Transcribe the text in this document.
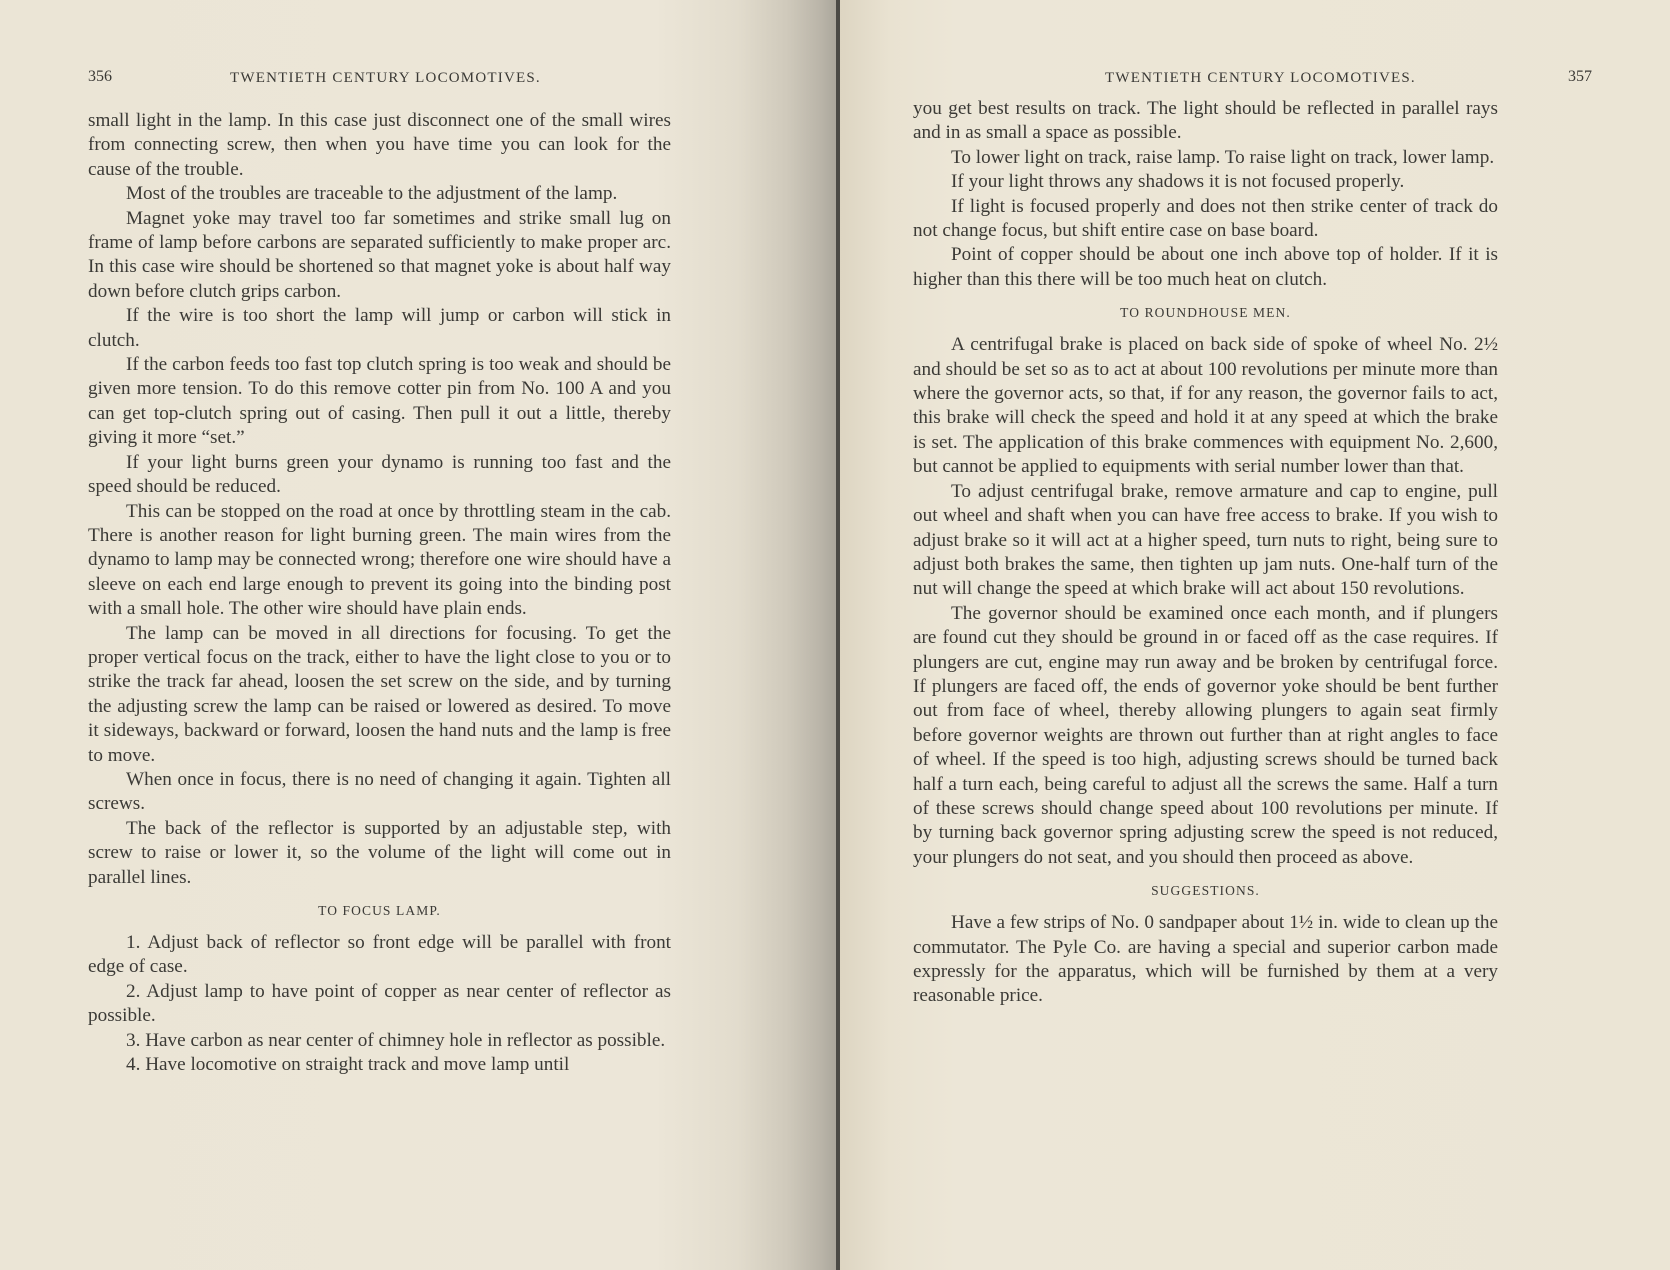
356	TWENTIETH CENTURY LOCOMOTIVES.

small light in the lamp. In this case just disconnect one of the small wires from connecting screw, then when you have time you can look for the cause of the trouble.

Most of the troubles are traceable to the adjustment of the lamp.

Magnet yoke may travel too far sometimes and strike small lug on frame of lamp before carbons are separated sufficiently to make proper arc. In this case wire should be shortened so that magnet yoke is about half way down before clutch grips carbon.

If the wire is too short the lamp will jump or carbon will stick in clutch.

If the carbon feeds too fast top clutch spring is too weak and should be given more tension. To do this remove cotter pin from No. 100 A and you can get top-clutch spring out of casing. Then pull it out a little, thereby giving it more “set.”

If your light burns green your dynamo is running too fast and the speed should be reduced.

This can be stopped on the road at once by throttling steam in the cab. There is another reason for light burning green. The main wires from the dynamo to lamp may be connected wrong; therefore one wire should have a sleeve on each end large enough to prevent its going into the binding post with a small hole. The other wire should have plain ends.

The lamp can be moved in all directions for focusing. To get the proper vertical focus on the track, either to have the light close to you or to strike the track far ahead, loosen the set screw on the side, and by turning the adjusting screw the lamp can be raised or lowered as desired. To move it sideways, backward or forward, loosen the hand nuts and the lamp is free to move.

When once in focus, there is no need of changing it again. Tighten all screws.

The back of the reflector is supported by an adjustable step, with screw to raise or lower it, so the volume of the light will come out in parallel lines.

TO FOCUS LAMP.

1. Adjust back of reflector so front edge will be parallel with front edge of case.

2. Adjust lamp to have point of copper as near center of reflector as possible.

3. Have carbon as near center of chimney hole in reflector as possible.

4. Have locomotive on straight track and move lamp until

TWENTIETH CENTURY LOCOMOTIVES.	357

you get best results on track. The light should be reflected in parallel rays and in as small a space as possible.

To lower light on track, raise lamp. To raise light on track, lower lamp.

If your light throws any shadows it is not focused properly.

If light is focused properly and does not then strike center of track do not change focus, but shift entire case on base board.

Point of copper should be about one inch above top of holder. If it is higher than this there will be too much heat on clutch.

TO ROUNDHOUSE MEN.

A centrifugal brake is placed on back side of spoke of wheel No. 2½ and should be set so as to act at about 100 revolutions per minute more than where the governor acts, so that, if for any reason, the governor fails to act, this brake will check the speed and hold it at any speed at which the brake is set. The application of this brake commences with equipment No. 2,600, but cannot be applied to equipments with serial number lower than that.

To adjust centrifugal brake, remove armature and cap to engine, pull out wheel and shaft when you can have free access to brake. If you wish to adjust brake so it will act at a higher speed, turn nuts to right, being sure to adjust both brakes the same, then tighten up jam nuts. One-half turn of the nut will change the speed at which brake will act about 150 revolutions.

The governor should be examined once each month, and if plungers are found cut they should be ground in or faced off as the case requires. If plungers are cut, engine may run away and be broken by centrifugal force. If plungers are faced off, the ends of governor yoke should be bent further out from face of wheel, thereby allowing plungers to again seat firmly before governor weights are thrown out further than at right angles to face of wheel. If the speed is too high, adjusting screws should be turned back half a turn each, being careful to adjust all the screws the same. Half a turn of these screws should change speed about 100 revolutions per minute. If by turning back governor spring adjusting screw the speed is not reduced, your plungers do not seat, and you should then proceed as above.

SUGGESTIONS.

Have a few strips of No. 0 sandpaper about 1½ in. wide to clean up the commutator. The Pyle Co. are having a special and superior carbon made expressly for the apparatus, which will be furnished by them at a very reasonable price.
